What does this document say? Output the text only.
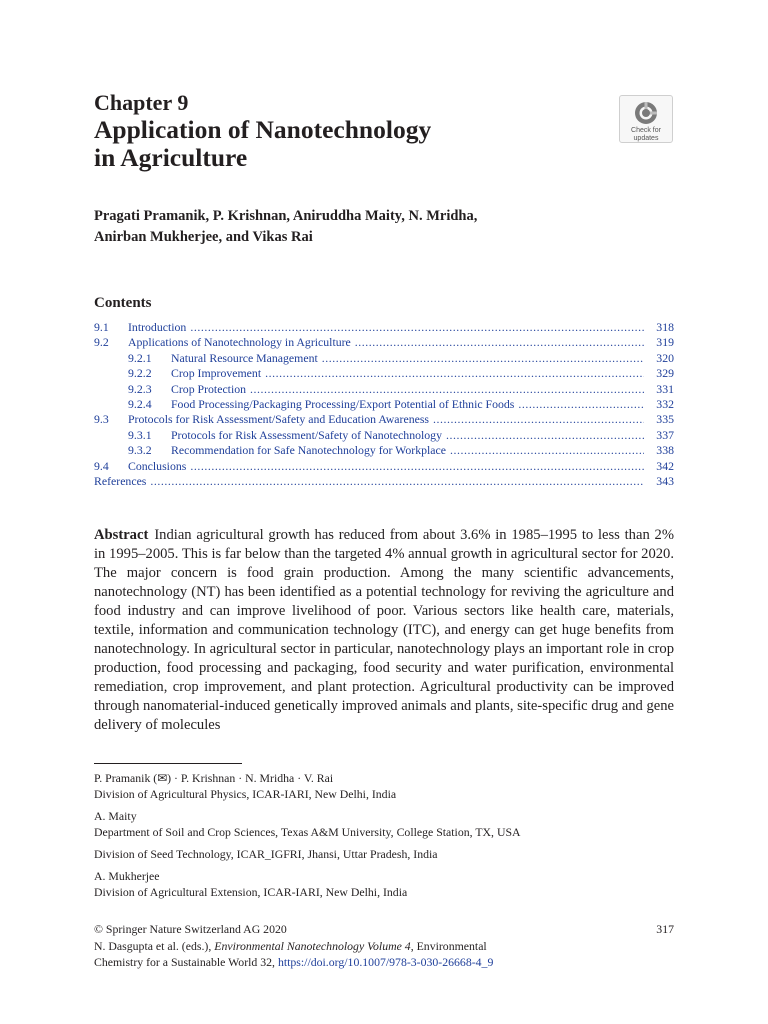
Chapter 9
Application of Nanotechnology
in Agriculture
Check for
updates
Pragati Pramanik, P. Krishnan, Aniruddha Maity, N. Mridha,
Anirban Mukherjee, and Vikas Rai
Contents
9.1	Introduction . . .	318
9.2	Applications of Nanotechnology in Agriculture . . .	319
9.2.1	Natural Resource Management . . .	320
9.2.2	Crop Improvement . . .	329
9.2.3	Crop Protection . . .	331
9.2.4	Food Processing/Packaging Processing/Export Potential of Ethnic Foods . . .	332
9.3	Protocols for Risk Assessment/Safety and Education Awareness . . .	335
9.3.1	Protocols for Risk Assessment/Safety of Nanotechnology . . .	337
9.3.2	Recommendation for Safe Nanotechnology for Workplace . . .	338
9.4	Conclusions . . .	342
References . . .	343
Abstract Indian agricultural growth has reduced from about 3.6% in 1985–1995 to less than 2% in 1995–2005. This is far below than the targeted 4% annual growth in agricultural sector for 2020. The major concern is food grain production. Among the many scientific advancements, nanotechnology (NT) has been identified as a potential technology for reviving the agriculture and food industry and can improve livelihood of poor. Various sectors like health care, materials, textile, information and communication technology (ITC), and energy can get huge benefits from nanotechnology. In agricultural sector in particular, nanotechnology plays an important role in crop production, food processing and packaging, food security and water purification, environmental remediation, crop improvement, and plant protection. Agricultural productivity can be improved through nanomaterial-induced genetically improved animals and plants, site-specific drug and gene delivery of molecules
P. Pramanik (✉) · P. Krishnan · N. Mridha · V. Rai
Division of Agricultural Physics, ICAR-IARI, New Delhi, India
A. Maity
Department of Soil and Crop Sciences, Texas A&M University, College Station, TX, USA
Division of Seed Technology, ICAR_IGFRI, Jhansi, Uttar Pradesh, India
A. Mukherjee
Division of Agricultural Extension, ICAR-IARI, New Delhi, India
© Springer Nature Switzerland AG 2020
N. Dasgupta et al. (eds.), Environmental Nanotechnology Volume 4, Environmental
Chemistry for a Sustainable World 32, https://doi.org/10.1007/978-3-030-26668-4_9
317
